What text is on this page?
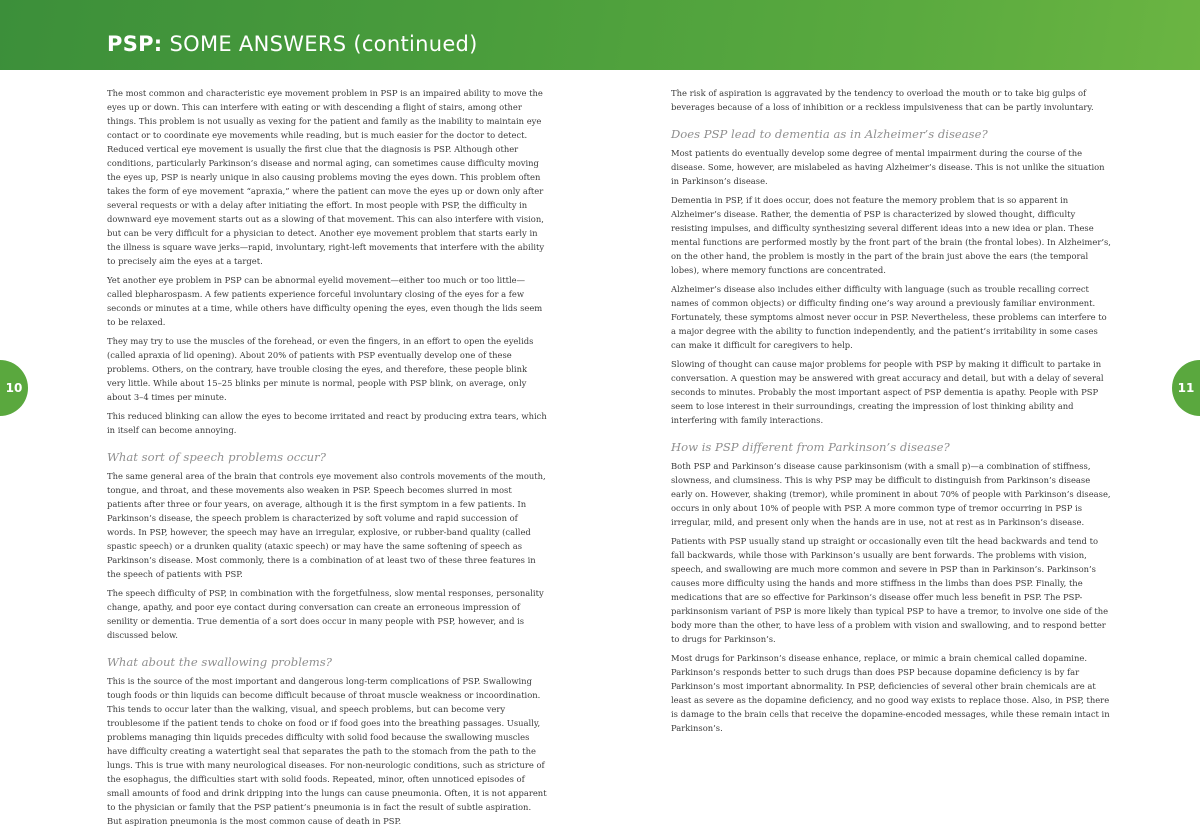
PSP: SOME ANSWERS (continued)
10	11

The most common and characteristic eye movement problem in PSP is an impaired ability to move the eyes up or down. This can interfere with eating or with descending a flight of stairs, among other things. This problem is not usually as vexing for the patient and family as the inability to maintain eye contact or to coordinate eye movements while reading, but is much easier for the doctor to detect. Reduced vertical eye movement is usually the first clue that the diagnosis is PSP. Although other conditions, particularly Parkinson’s disease and normal aging, can sometimes cause difficulty moving the eyes up, PSP is nearly unique in also causing problems moving the eyes down. This problem often takes the form of eye movement “apraxia,” where the patient can move the eyes up or down only after several requests or with a delay after initiating the effort. In most people with PSP, the difficulty in downward eye movement starts out as a slowing of that movement. This can also interfere with vision, but can be very difficult for a physician to detect. Another eye movement problem that starts early in the illness is square wave jerks—rapid, involuntary, right-left movements that interfere with the ability to precisely aim the eyes at a target.

Yet another eye problem in PSP can be abnormal eyelid movement—either too much or too little—called blepharospasm. A few patients experience forceful involuntary closing of the eyes for a few seconds or minutes at a time, while others have difficulty opening the eyes, even though the lids seem to be relaxed.

They may try to use the muscles of the forehead, or even the fingers, in an effort to open the eyelids (called apraxia of lid opening). About 20% of patients with PSP eventually develop one of these problems. Others, on the contrary, have trouble closing the eyes, and therefore, these people blink very little. While about 15–25 blinks per minute is normal, people with PSP blink, on average, only about 3–4 times per minute.

This reduced blinking can allow the eyes to become irritated and react by producing extra tears, which in itself can become annoying.

What sort of speech problems occur?

The same general area of the brain that controls eye movement also controls movements of the mouth, tongue, and throat, and these movements also weaken in PSP. Speech becomes slurred in most patients after three or four years, on average, although it is the first symptom in a few patients. In Parkinson’s disease, the speech problem is characterized by soft volume and rapid succession of words. In PSP, however, the speech may have an irregular, explosive, or rubber-band quality (called spastic speech) or a drunken quality (ataxic speech) or may have the same softening of speech as Parkinson’s disease. Most commonly, there is a combination of at least two of these three features in the speech of patients with PSP.

The speech difficulty of PSP, in combination with the forgetfulness, slow mental responses, personality change, apathy, and poor eye contact during conversation can create an erroneous impression of senility or dementia. True dementia of a sort does occur in many people with PSP, however, and is discussed below.

What about the swallowing problems?

This is the source of the most important and dangerous long-term complications of PSP. Swallowing tough foods or thin liquids can become difficult because of throat muscle weakness or incoordination. This tends to occur later than the walking, visual, and speech problems, but can become very troublesome if the patient tends to choke on food or if food goes into the breathing passages. Usually, problems managing thin liquids precedes difficulty with solid food because the swallowing muscles have difficulty creating a watertight seal that separates the path to the stomach from the path to the lungs. This is true with many neurological diseases. For non-neurologic conditions, such as stricture of the esophagus, the difficulties start with solid foods. Repeated, minor, often unnoticed episodes of small amounts of food and drink dripping into the lungs can cause pneumonia. Often, it is not apparent to the physician or family that the PSP patient’s pneumonia is in fact the result of subtle aspiration. But aspiration pneumonia is the most common cause of death in PSP.

The risk of aspiration is aggravated by the tendency to overload the mouth or to take big gulps of beverages because of a loss of inhibition or a reckless impulsiveness that can be partly involuntary.

Does PSP lead to dementia as in Alzheimer’s disease?

Most patients do eventually develop some degree of mental impairment during the course of the disease. Some, however, are mislabeled as having Alzheimer’s disease. This is not unlike the situation in Parkinson’s disease.

Dementia in PSP, if it does occur, does not feature the memory problem that is so apparent in Alzheimer’s disease. Rather, the dementia of PSP is characterized by slowed thought, difficulty resisting impulses, and difficulty synthesizing several different ideas into a new idea or plan. These mental functions are performed mostly by the front part of the brain (the frontal lobes). In Alzheimer’s, on the other hand, the problem is mostly in the part of the brain just above the ears (the temporal lobes), where memory functions are concentrated.

Alzheimer’s disease also includes either difficulty with language (such as trouble recalling correct names of common objects) or difficulty finding one’s way around a previously familiar environment. Fortunately, these symptoms almost never occur in PSP. Nevertheless, these problems can interfere to a major degree with the ability to function independently, and the patient’s irritability in some cases can make it difficult for caregivers to help.

Slowing of thought can cause major problems for people with PSP by making it difficult to partake in conversation. A question may be answered with great accuracy and detail, but with a delay of several seconds to minutes. Probably the most important aspect of PSP dementia is apathy. People with PSP seem to lose interest in their surroundings, creating the impression of lost thinking ability and interfering with family interactions.

How is PSP different from Parkinson’s disease?

Both PSP and Parkinson’s disease cause parkinsonism (with a small p)—a combination of stiffness, slowness, and clumsiness. This is why PSP may be difficult to distinguish from Parkinson’s disease early on. However, shaking (tremor), while prominent in about 70% of people with Parkinson’s disease, occurs in only about 10% of people with PSP. A more common type of tremor occurring in PSP is irregular, mild, and present only when the hands are in use, not at rest as in Parkinson’s disease.

Patients with PSP usually stand up straight or occasionally even tilt the head backwards and tend to fall backwards, while those with Parkinson’s usually are bent forwards. The problems with vision, speech, and swallowing are much more common and severe in PSP than in Parkinson’s. Parkinson’s causes more difficulty using the hands and more stiffness in the limbs than does PSP. Finally, the medications that are so effective for Parkinson’s disease offer much less benefit in PSP. The PSP-parkinsonism variant of PSP is more likely than typical PSP to have a tremor, to involve one side of the body more than the other, to have less of a problem with vision and swallowing, and to respond better to drugs for Parkinson’s.

Most drugs for Parkinson’s disease enhance, replace, or mimic a brain chemical called dopamine. Parkinson’s responds better to such drugs than does PSP because dopamine deficiency is by far Parkinson’s most important abnormality. In PSP, deficiencies of several other brain chemicals are at least as severe as the dopamine deficiency, and no good way exists to replace those. Also, in PSP, there is damage to the brain cells that receive the dopamine-encoded messages, while these remain intact in Parkinson’s.
